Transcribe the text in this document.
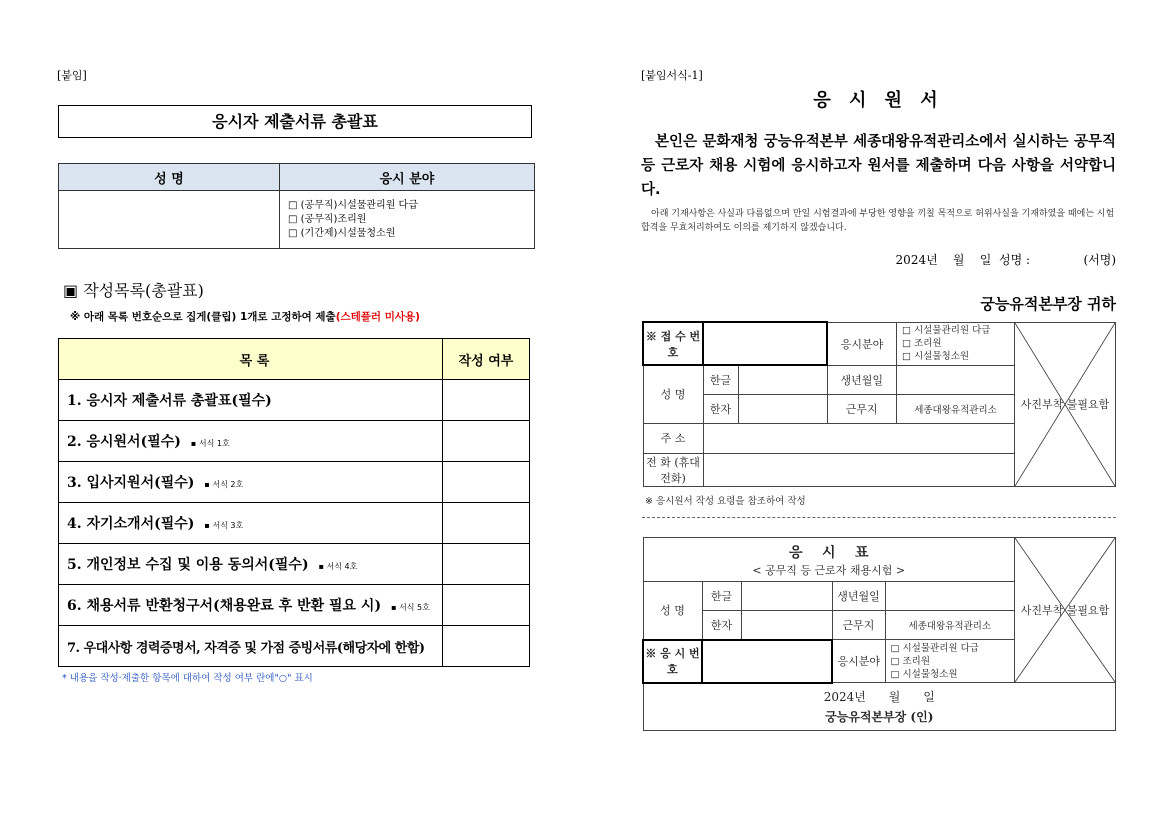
[붙임]
응시자 제출서류 총괄표
성 명	응시 분야

	□ (공무직)시설물관리원 다급
□ (공무직)조리원
□ (기간제)시설물청소원
▣ 작성목록(총괄표)
※ 아래 목록 번호순으로 집게(클립) 1개로 고정하여 제출(스테플러 미사용)
목 록	작성 여부
1. 응시자 제출서류 총괄표(필수)	
2. 응시원서(필수) ▪ 서식 1호	
3. 입사지원서(필수) ▪ 서식 2호	
4. 자기소개서(필수) ▪ 서식 3호	
5. 개인정보 수집 및 이용 동의서(필수) ▪ 서식 4호	
6. 채용서류 반환청구서(채용완료 후 반환 필요 시) ▪ 서식 5호	
7. 우대사항 경력증명서, 자격증 및 가점 증빙서류(해당자에 한함)	
* 내용을 작성·제출한 항목에 대하여 작성 여부 란에"○" 표시
[붙임서식-1]
응 시 원 서
본인은 문화재청 궁능유적본부 세종대왕유적관리소에서 실시하는 공무직 등 근로자 채용 시험에 응시하고자 원서를 제출하며 다음 사항을 서약합니다.
아래 기재사항은 사실과 다름없으며 만일 시험결과에 부당한 영향을 끼칠 목적으로 허위사실을 기재하였을 때에는 시험합격을 무효처리하여도 이의를 제기하지 않겠습니다.
2024년    월    일  성명 :              (서명)
궁능유적본부장 귀하
※ 접 수 번 호			응시분야	□ 시설물관리원 다급
□ 조리원
□ 시설물청소원	사진부착 불필요함
성 명	한글		생년월일		
	한자		근무지	세종대왕유적관리소	
주 소					
전 화 (휴대전화)					
※ 응시원서 작성 요령을 참조하여 작성
응    시    표
< 공무직 등 근로자 채용시험 >					사진부착 불필요함
성 명	한글		생년월일		
	한자		근무지	세종대왕유적관리소	
※ 응 시 번 호			응시분야	□ 시설물관리원 다급
□ 조리원
□ 시설물청소원	

2024년      월      일
궁능유적본부장 (인)					
